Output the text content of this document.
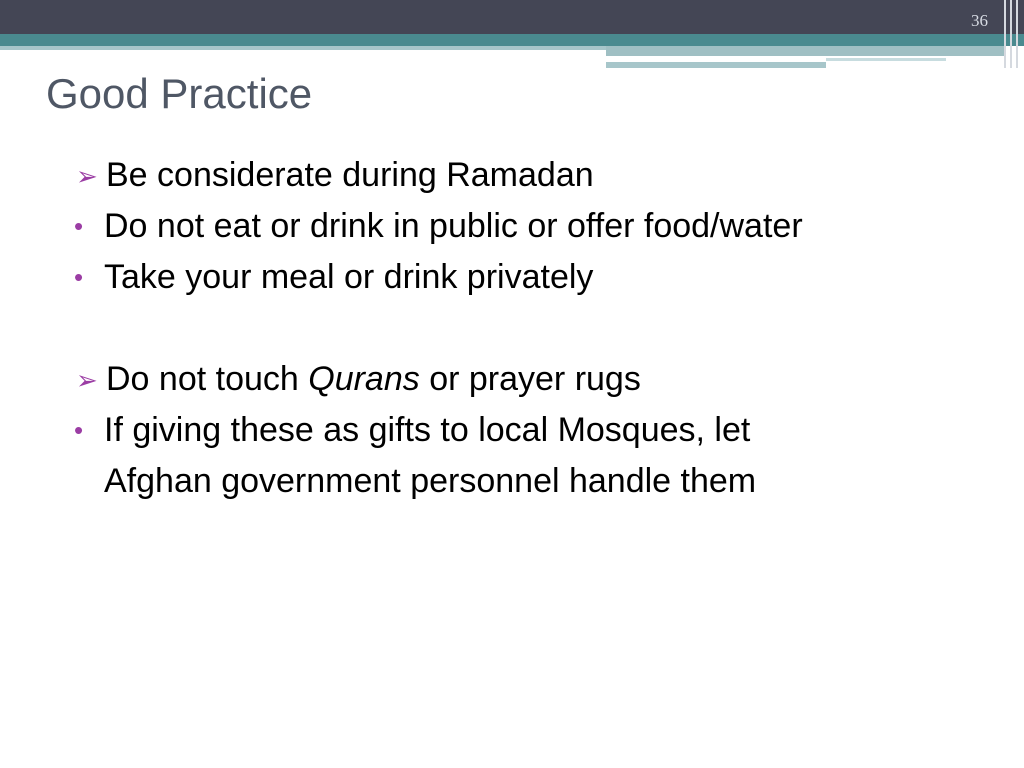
36
Good Practice
➢ Be considerate during Ramadan
• Do not eat or drink in public or offer food/water
• Take your meal or drink privately
➢ Do not touch Qurans or prayer rugs
• If giving these as gifts to local Mosques, let
Afghan government personnel handle them
